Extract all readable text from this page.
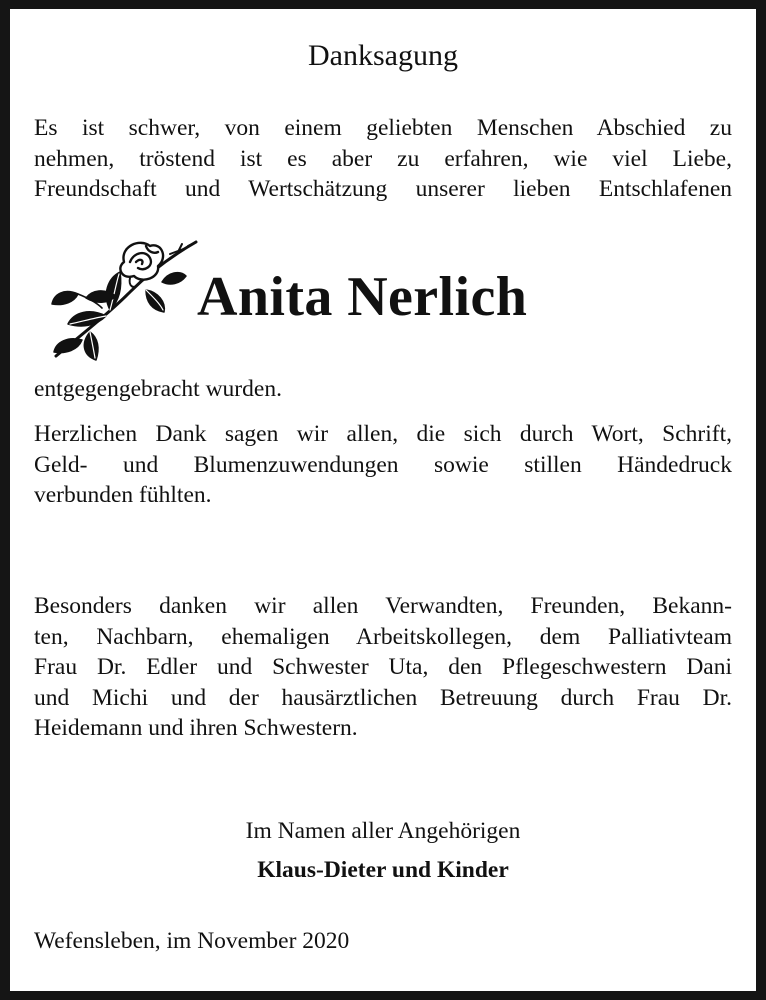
Danksagung
Es ist schwer, von einem geliebten Menschen Abschied zu
nehmen, tröstend ist es aber zu erfahren, wie viel Liebe,
Freundschaft und Wertschätzung unserer lieben Entschlafenen
Anita Nerlich
entgegengebracht wurden.
Herzlichen Dank sagen wir allen, die sich durch Wort, Schrift,
Geld- und Blumenzuwendungen sowie stillen Händedruck
verbunden fühlten.
Besonders danken wir allen Verwandten, Freunden, Bekann-
ten, Nachbarn, ehemaligen Arbeitskollegen, dem Palliativteam
Frau Dr. Edler und Schwester Uta, den Pflegeschwestern Dani
und Michi und der hausärztlichen Betreuung durch Frau Dr.
Heidemann und ihren Schwestern.
Im Namen aller Angehörigen
Klaus-Dieter und Kinder
Wefensleben, im November 2020
